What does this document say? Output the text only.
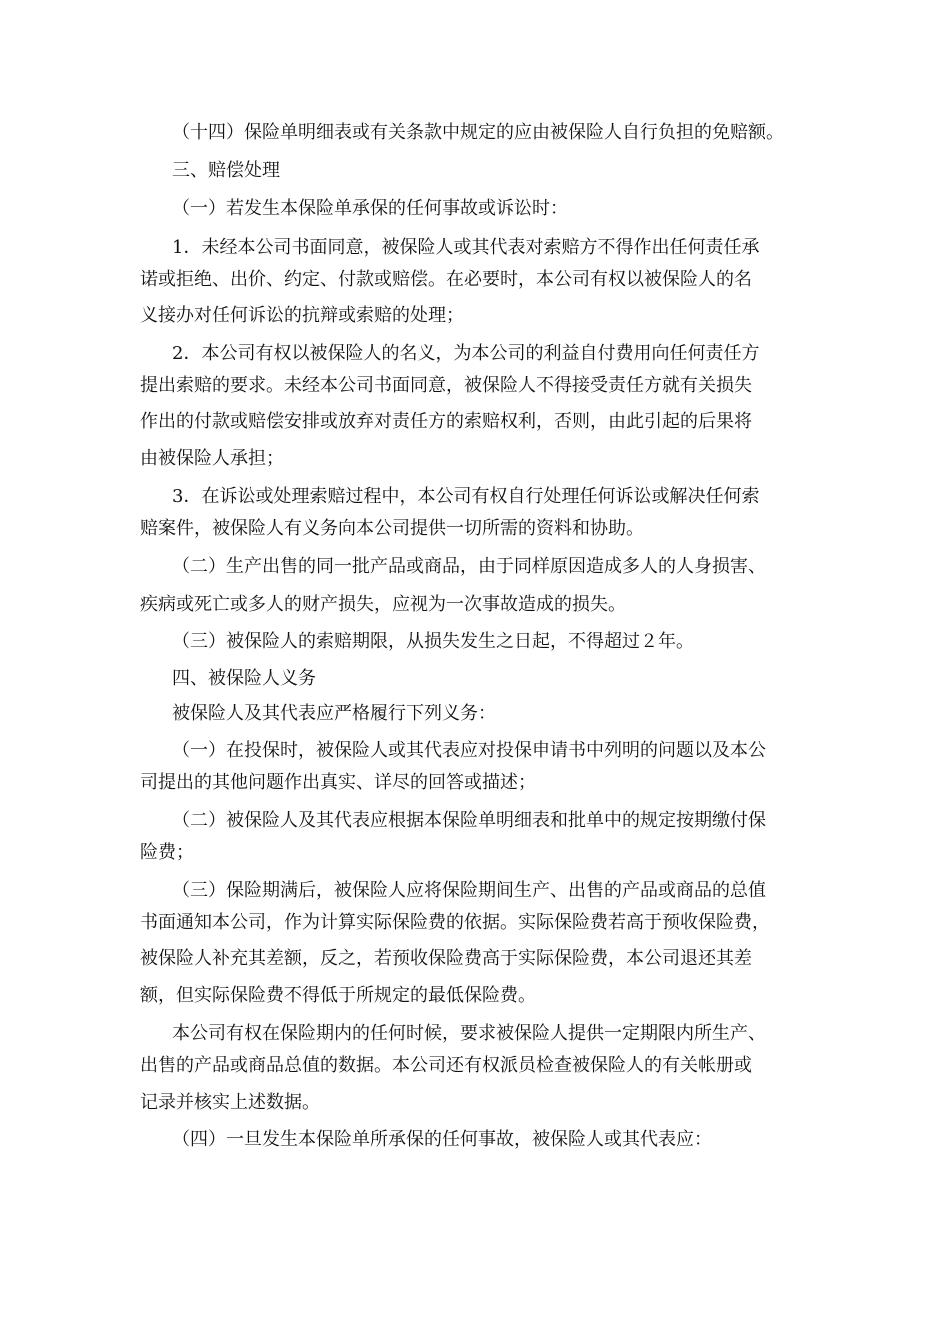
（十四）保险单明细表或有关条款中规定的应由被保险人自行负担的免赔额。
三、赔偿处理
（一）若发生本保险单承保的任何事故或诉讼时：
1．未经本公司书面同意，被保险人或其代表对索赔方不得作出任何责任承
诺或拒绝、出价、约定、付款或赔偿。在必要时，本公司有权以被保险人的名
义接办对任何诉讼的抗辩或索赔的处理；
2．本公司有权以被保险人的名义，为本公司的利益自付费用向任何责任方
提出索赔的要求。未经本公司书面同意，被保险人不得接受责任方就有关损失
作出的付款或赔偿安排或放弃对责任方的索赔权利，否则，由此引起的后果将
由被保险人承担；
3．在诉讼或处理索赔过程中，本公司有权自行处理任何诉讼或解决任何索
赔案件，被保险人有义务向本公司提供一切所需的资料和协助。
（二）生产出售的同一批产品或商品，由于同样原因造成多人的人身损害、
疾病或死亡或多人的财产损失，应视为一次事故造成的损失。
（三）被保险人的索赔期限，从损失发生之日起，不得超过２年。
四、被保险人义务
被保险人及其代表应严格履行下列义务：
（一）在投保时，被保险人或其代表应对投保申请书中列明的问题以及本公
司提出的其他问题作出真实、详尽的回答或描述；
（二）被保险人及其代表应根据本保险单明细表和批单中的规定按期缴付保
险费；
（三）保险期满后，被保险人应将保险期间生产、出售的产品或商品的总值
书面通知本公司，作为计算实际保险费的依据。实际保险费若高于预收保险费，
被保险人补充其差额，反之，若预收保险费高于实际保险费，本公司退还其差
额，但实际保险费不得低于所规定的最低保险费。
本公司有权在保险期内的任何时候，要求被保险人提供一定期限内所生产、
出售的产品或商品总值的数据。本公司还有权派员检查被保险人的有关帐册或
记录并核实上述数据。
（四）一旦发生本保险单所承保的任何事故，被保险人或其代表应：
